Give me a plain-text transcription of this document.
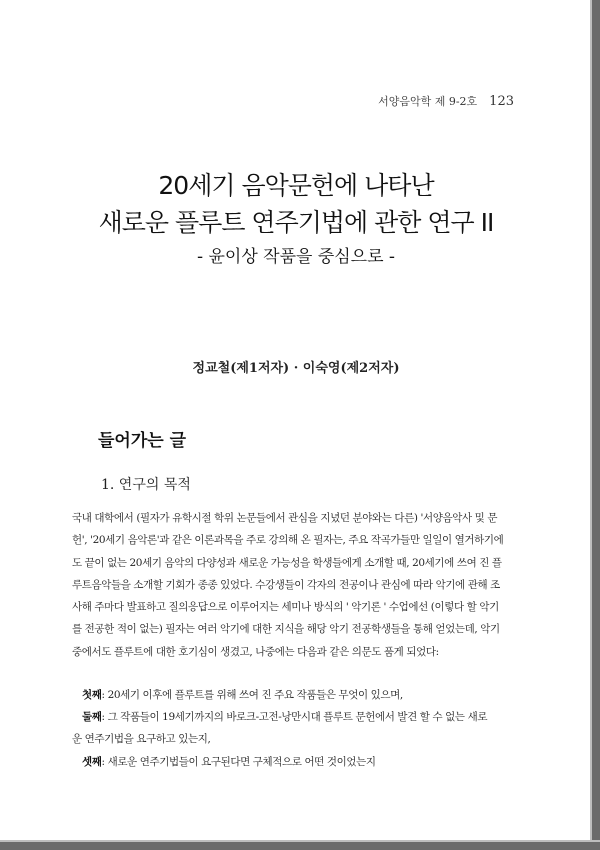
서양음악학 제 9-2호 123
20세기 음악문헌에 나타난
새로운 플루트 연주기법에 관한 연구 II
- 윤이상 작품을 중심으로 -
정교철(제1저자) · 이숙영(제2저자)
들어가는 글
1. 연구의 목적
국내 대학에서 (필자가 유학시절 학위 논문들에서 관심을 지녔던 분야와는 다른) '서양음악사 및 문
헌', '20세기 음악론'과 같은 이론과목을 주로 강의해 온 필자는, 주요 작곡가들만 일일이 열거하기에
도 끝이 없는 20세기 음악의 다양성과 새로운 가능성을 학생들에게 소개할 때, 20세기에 쓰여 진 플
루트음악들을 소개할 기회가 종종 있었다. 수강생들이 각자의 전공이나 관심에 따라 악기에 관해 조
사해 주마다 발표하고 질의응답으로 이루어지는 세미나 방식의 ' 악기론 ' 수업에선 (이렇다 할 악기
를 전공한 적이 없는) 필자는 여러 악기에 대한 지식을 해당 악기 전공학생들을 통해 얻었는데, 악기
중에서도 플루트에 대한 호기심이 생겼고, 나중에는 다음과 같은 의문도 품게 되었다:
첫째: 20세기 이후에 플루트를 위해 쓰여 진 주요 작품들은 무엇이 있으며,
둘째: 그 작품들이 19세기까지의 바로크-고전-낭만시대 플루트 문헌에서 발견 할 수 없는 새로
운 연주기법을 요구하고 있는지,
셋째: 새로운 연주기법들이 요구된다면 구체적으로 어떤 것이었는지
